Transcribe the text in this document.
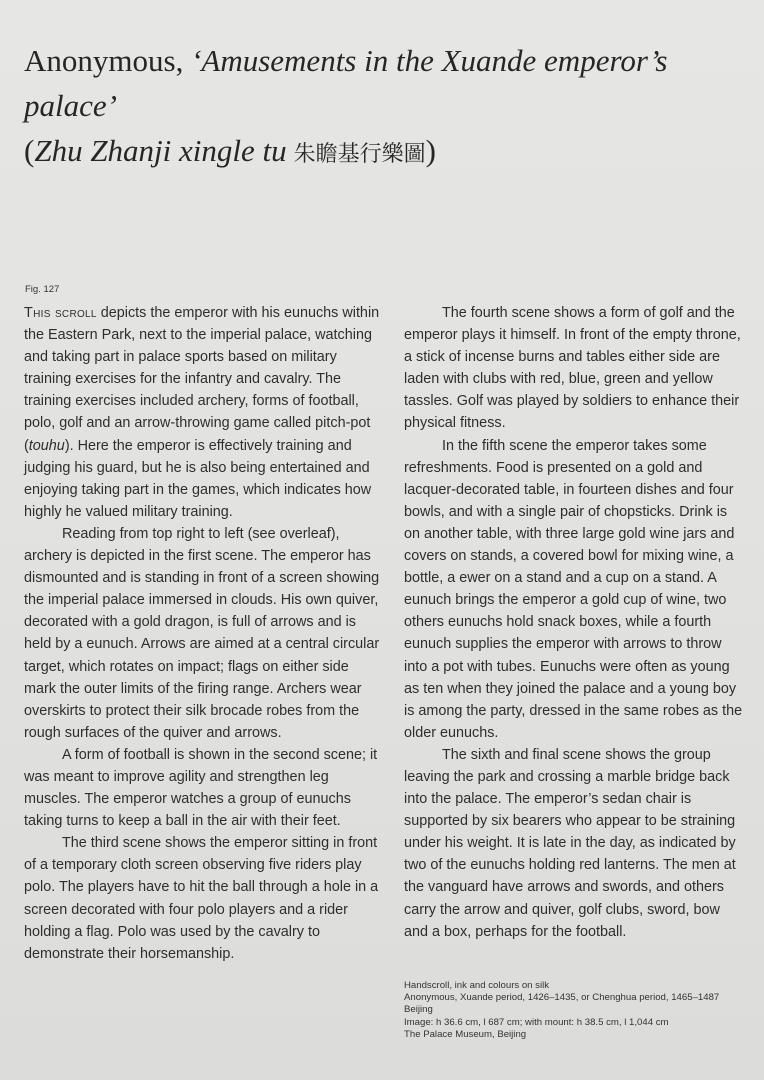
Anonymous, ‘Amusements in the Xuande emperor’s palace’
(Zhu Zhanji xingle tu 朱瞻基行樂圖)
Fig. 127

This scroll depicts the emperor with his eunuchs within the Eastern Park, next to the imperial palace, watching and taking part in palace sports based on military training exercises for the infantry and cavalry. The training exercises included archery, forms of football, polo, golf and an arrow-throwing game called pitch-pot (touhu). Here the emperor is effectively training and judging his guard, but he is also being entertained and enjoying taking part in the games, which indicates how highly he valued military training.

Reading from top right to left (see overleaf), archery is depicted in the first scene. The emperor has dismounted and is standing in front of a screen showing the imperial palace immersed in clouds. His own quiver, decorated with a gold dragon, is full of arrows and is held by a eunuch. Arrows are aimed at a central circular target, which rotates on impact; flags on either side mark the outer limits of the firing range. Archers wear overskirts to protect their silk brocade robes from the rough surfaces of the quiver and arrows.

A form of football is shown in the second scene; it was meant to improve agility and strengthen leg muscles. The emperor watches a group of eunuchs taking turns to keep a ball in the air with their feet.

The third scene shows the emperor sitting in front of a temporary cloth screen observing five riders play polo. The players have to hit the ball through a hole in a screen decorated with four polo players and a rider holding a flag. Polo was used by the cavalry to demonstrate their horsemanship.

The fourth scene shows a form of golf and the emperor plays it himself. In front of the empty throne, a stick of incense burns and tables either side are laden with clubs with red, blue, green and yellow tassles. Golf was played by soldiers to enhance their physical fitness.

In the fifth scene the emperor takes some refreshments. Food is presented on a gold and lacquer-decorated table, in fourteen dishes and four bowls, and with a single pair of chopsticks. Drink is on another table, with three large gold wine jars and covers on stands, a covered bowl for mixing wine, a bottle, a ewer on a stand and a cup on a stand. A eunuch brings the emperor a gold cup of wine, two others eunuchs hold snack boxes, while a fourth eunuch supplies the emperor with arrows to throw into a pot with tubes. Eunuchs were often as young as ten when they joined the palace and a young boy is among the party, dressed in the same robes as the older eunuchs.

The sixth and final scene shows the group leaving the park and crossing a marble bridge back into the palace. The emperor’s sedan chair is supported by six bearers who appear to be straining under his weight. It is late in the day, as indicated by two of the eunuchs holding red lanterns. The men at the vanguard have arrows and swords, and others carry the arrow and quiver, golf clubs, sword, bow and a box, perhaps for the football.

Handscroll, ink and colours on silk
Anonymous, Xuande period, 1426–1435, or Chenghua period, 1465–1487
Beijing
Image: h 36.6 cm, l 687 cm; with mount: h 38.5 cm, l 1,044 cm
The Palace Museum, Beijing
